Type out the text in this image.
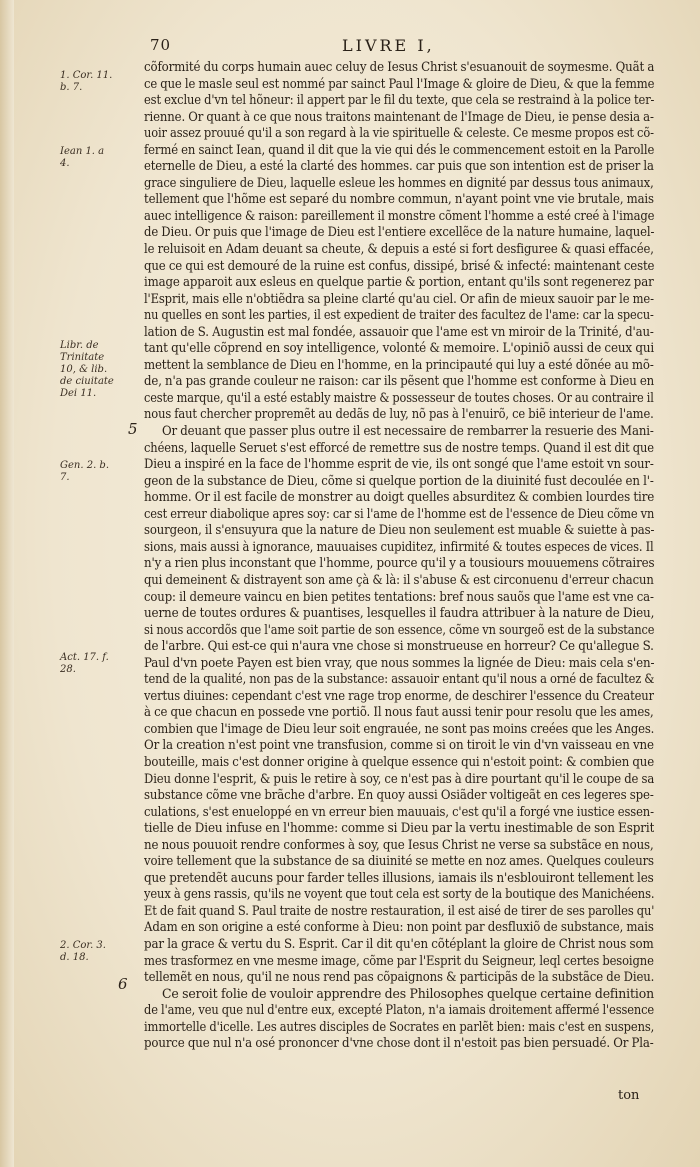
70	LIVRE I,
1. Cor. 11.
b. 7.
Iean 1. a
4.
Libr. de
Trinitate
10, & lib.
de ciuitate
Dei 11.
Gen. 2. b.
7.
Act. 17. f.
28.
2. Cor. 3.
d. 18.
5
6
cõformité du corps humain auec celuy de Iesus Christ s'esuanouit de soymesme. Quãt a
ce que le masle seul est nommé par sainct Paul l'Image & gloire de Dieu, & que la femme
est exclue d'vn tel hõneur: il appert par le fil du texte, que cela se restraind à la police ter-
rienne. Or quant à ce que nous traitons maintenant de l'Image de Dieu, ie pense desia a-
uoir assez prouué qu'il a son regard à la vie spirituelle & celeste. Ce mesme propos est cõ-
fermé en sainct Iean, quand il dit que la vie qui dés le commencement estoit en la Parolle
eternelle de Dieu, a esté la clarté des hommes. car puis que son intention est de priser la
grace singuliere de Dieu, laquelle esleue les hommes en dignité par dessus tous animaux,
tellement que l'hõme est separé du nombre commun, n'ayant point vne vie brutale, mais
auec intelligence & raison: pareillement il monstre cõment l'homme a esté creé à l'image
de Dieu. Or puis que l'image de Dieu est l'entiere excellẽce de la nature humaine, laquel-
le reluisoit en Adam deuant sa cheute, & depuis a esté si fort desfiguree & quasi effacée,
que ce qui est demouré de la ruine est confus, dissipé, brisé & infecté: maintenant ceste
image apparoit aux esleus en quelque partie & portion, entant qu'ils sont regenerez par
l'Esprit, mais elle n'obtiẽdra sa pleine clarté qu'au ciel. Or afin de mieux sauoir par le me-
nu quelles en sont les parties, il est expedient de traiter des facultez de l'ame: car la specu-
lation de S. Augustin est mal fondée, assauoir que l'ame est vn miroir de la Trinité, d'au-
tant qu'elle cõprend en soy intelligence, volonté & memoire. L'opiniõ aussi de ceux qui
mettent la semblance de Dieu en l'homme, en la principauté qui luy a esté dõnée au mõ-
de, n'a pas grande couleur ne raison: car ils pẽsent que l'homme est conforme à Dieu en
ceste marque, qu'il a esté estably maistre & possesseur de toutes choses. Or au contraire il
nous faut chercher propremẽt au dedãs de luy, nõ pas à l'enuirõ, ce biẽ interieur de l'ame.
Or deuant que passer plus outre il est necessaire de rembarrer la resuerie des Mani-
chéens, laquelle Seruet s'est efforcé de remettre sus de nostre temps. Quand il est dit que
Dieu a inspiré en la face de l'homme esprit de vie, ils ont songé que l'ame estoit vn sour-
geon de la substance de Dieu, cõme si quelque portion de la diuinité fust decoulée en l'-
homme. Or il est facile de monstrer au doigt quelles absurditez & combien lourdes tire
cest erreur diabolique apres soy: car si l'ame de l'homme est de l'essence de Dieu cõme vn
sourgeon, il s'ensuyura que la nature de Dieu non seulement est muable & suiette à pas-
sions, mais aussi à ignorance, mauuaises cupiditez, infirmité & toutes especes de vices. Il
n'y a rien plus inconstant que l'homme, pource qu'il y a tousiours mouuemens cõtraires
qui demeinent & distrayent son ame çà & là: il s'abuse & est circonuenu d'erreur chacun
coup: il demeure vaincu en bien petites tentations: bref nous sauõs que l'ame est vne ca-
uerne de toutes ordures & puantises, lesquelles il faudra attribuer à la nature de Dieu,
si nous accordõs que l'ame soit partie de son essence, cõme vn sourgeõ est de la substance
de l'arbre. Qui est-ce qui n'aura vne chose si monstrueuse en horreur? Ce qu'allegue S.
Paul d'vn poete Payen est bien vray, que nous sommes la lignée de Dieu: mais cela s'en-
tend de la qualité, non pas de la substance: assauoir entant qu'il nous a orné de facultez &
vertus diuines: cependant c'est vne rage trop enorme, de deschirer l'essence du Createur
à ce que chacun en possede vne portiõ. Il nous faut aussi tenir pour resolu que les ames,
combien que l'image de Dieu leur soit engrauée, ne sont pas moins creées que les Anges.
Or la creation n'est point vne transfusion, comme si on tiroit le vin d'vn vaisseau en vne
bouteille, mais c'est donner origine à quelque essence qui n'estoit point: & combien que
Dieu donne l'esprit, & puis le retire à soy, ce n'est pas à dire pourtant qu'il le coupe de sa
substance cõme vne brãche d'arbre. En quoy aussi Osiãder voltigeãt en ces legeres spe-
culations, s'est enueloppé en vn erreur bien mauuais, c'est qu'il a forgé vne iustice essen-
tielle de Dieu infuse en l'homme: comme si Dieu par la vertu inestimable de son Esprit
ne nous pouuoit rendre conformes à soy, que Iesus Christ ne verse sa substãce en nous,
voire tellement que la substance de sa diuinité se mette en noz ames. Quelques couleurs
que pretendẽt aucuns pour farder telles illusions, iamais ils n'esblouiront tellement les
yeux à gens rassis, qu'ils ne voyent que tout cela est sorty de la boutique des Manichéens.
Et de fait quand S. Paul traite de nostre restauration, il est aisé de tirer de ses parolles qu'
Adam en son origine a esté conforme à Dieu: non point par desfluxiõ de substance, mais
par la grace & vertu du S. Esprit. Car il dit qu'en cõtéplant la gloire de Christ nous som
mes trasformez en vne mesme image, cõme par l'Esprit du Seigneur, leql certes besoigne
tellemẽt en nous, qu'il ne nous rend pas cõpaignons & participãs de la substãce de Dieu.
Ce seroit folie de vouloir apprendre des Philosophes quelque certaine definition
de l'ame, veu que nul d'entre eux, excepté Platon, n'a iamais droitement affermé l'essence
immortelle d'icelle. Les autres disciples de Socrates en parlẽt bien: mais c'est en suspens,
pource que nul n'a osé prononcer d'vne chose dont il n'estoit pas bien persuadé. Or Pla-
ton
